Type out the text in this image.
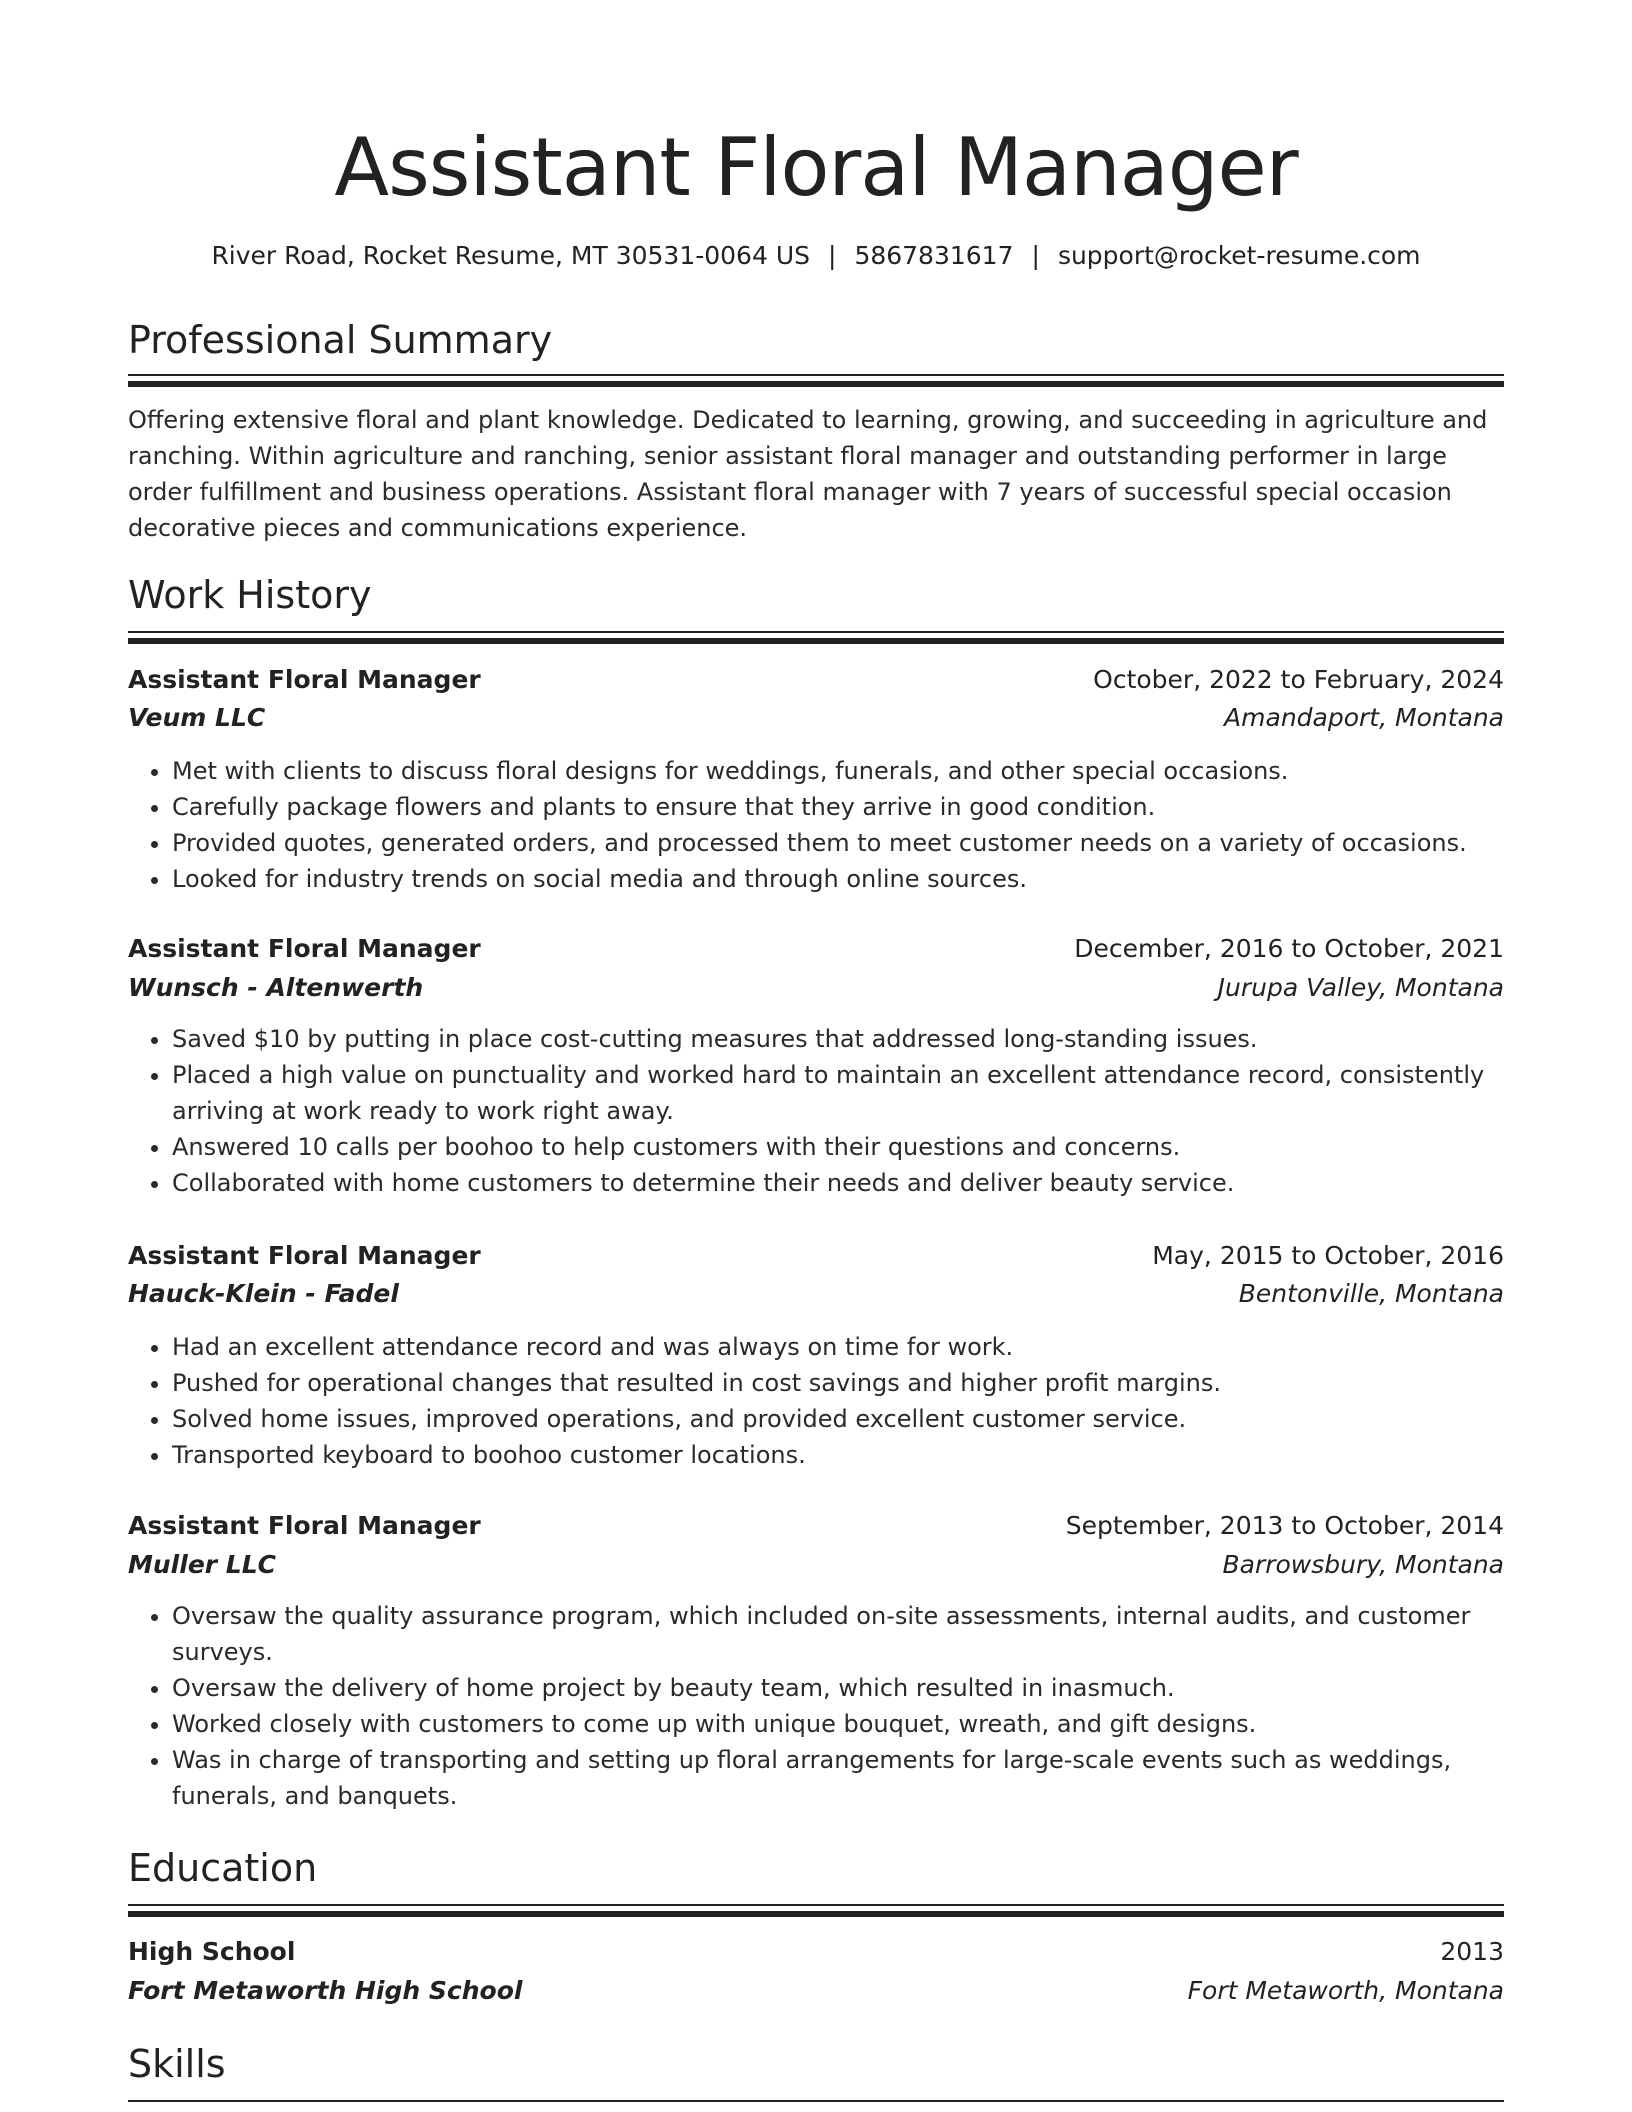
Assistant Floral Manager
River Road, Rocket Resume, MT 30531-0064 US | 5867831617 | support@rocket-resume.com
Professional Summary
Offering extensive floral and plant knowledge. Dedicated to learning, growing, and succeeding in agriculture and ranching. Within agriculture and ranching, senior assistant floral manager and outstanding performer in large order fulfillment and business operations. Assistant floral manager with 7 years of successful special occasion decorative pieces and communications experience.
Work History
Assistant Floral Manager	October, 2022 to February, 2024
Veum LLC	Amandaport, Montana
• Met with clients to discuss floral designs for weddings, funerals, and other special occasions.
• Carefully package flowers and plants to ensure that they arrive in good condition.
• Provided quotes, generated orders, and processed them to meet customer needs on a variety of occasions.
• Looked for industry trends on social media and through online sources.
Assistant Floral Manager	December, 2016 to October, 2021
Wunsch - Altenwerth	Jurupa Valley, Montana
• Saved $10 by putting in place cost-cutting measures that addressed long-standing issues.
• Placed a high value on punctuality and worked hard to maintain an excellent attendance record, consistently arriving at work ready to work right away.
• Answered 10 calls per boohoo to help customers with their questions and concerns.
• Collaborated with home customers to determine their needs and deliver beauty service.
Assistant Floral Manager	May, 2015 to October, 2016
Hauck-Klein - Fadel	Bentonville, Montana
• Had an excellent attendance record and was always on time for work.
• Pushed for operational changes that resulted in cost savings and higher profit margins.
• Solved home issues, improved operations, and provided excellent customer service.
• Transported keyboard to boohoo customer locations.
Assistant Floral Manager	September, 2013 to October, 2014
Muller LLC	Barrowsbury, Montana
• Oversaw the quality assurance program, which included on-site assessments, internal audits, and customer surveys.
• Oversaw the delivery of home project by beauty team, which resulted in inasmuch.
• Worked closely with customers to come up with unique bouquet, wreath, and gift designs.
• Was in charge of transporting and setting up floral arrangements for large-scale events such as weddings, funerals, and banquets.
Education
High School	2013
Fort Metaworth High School	Fort Metaworth, Montana
Skills
